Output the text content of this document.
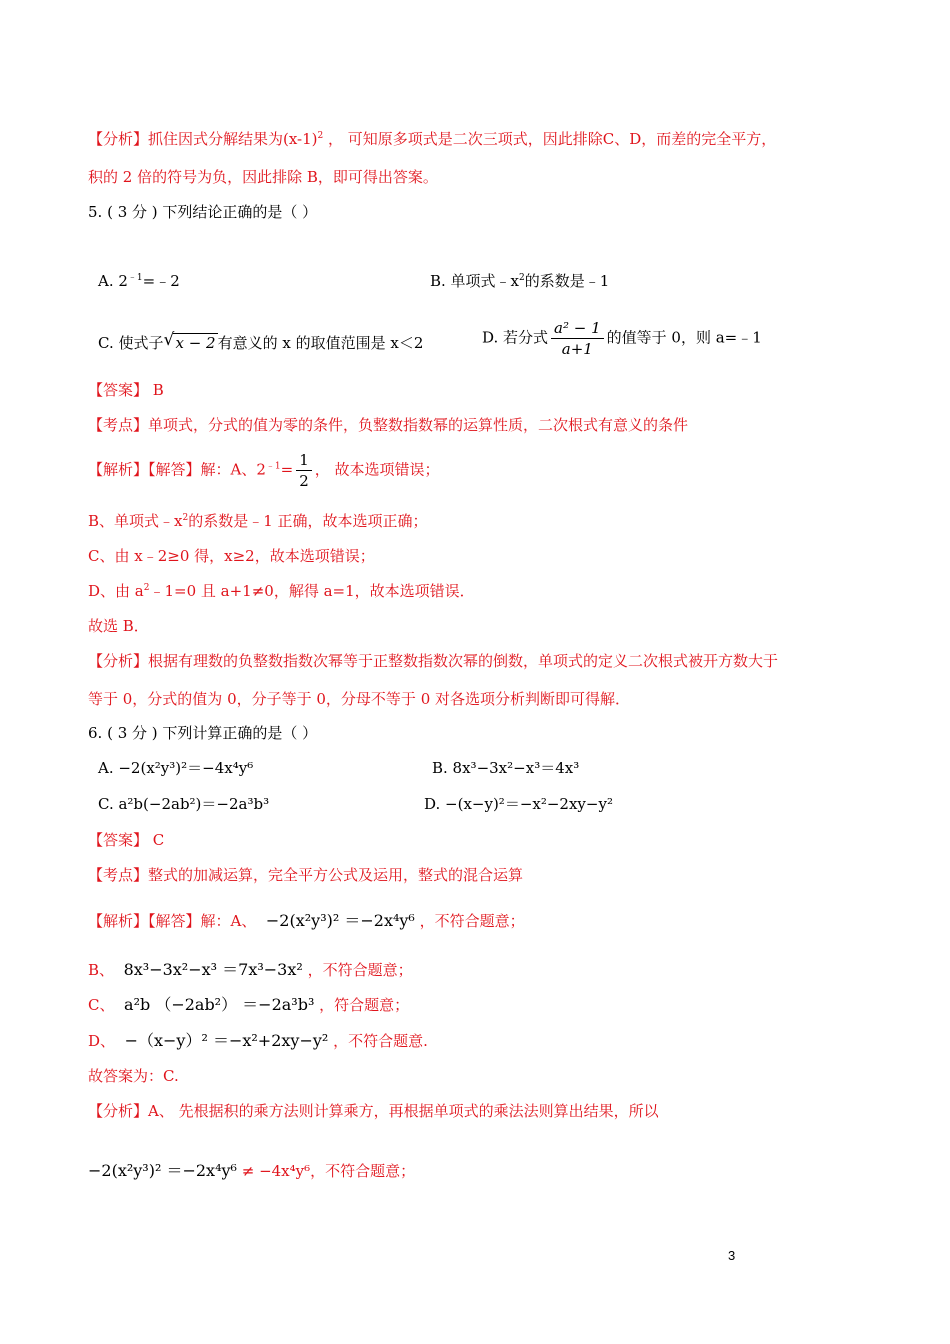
【分析】抓住因式分解结果为$(x-1)^2$ ， 可知原多项式是二次三项式，因此排除C、D，而差的完全平方，
积的 2 倍的符号为负，因此排除 B，即可得出答案。
5. ( 3 分 ) 下列结论正确的是（ ）
A. $2^{﹣1}=﹣2$	B. 单项式$﹣x^2$的系数是﹣1
C. 使式子 √ x − 2 有意义的 x 的取值范围是 x＜2	D. 若分式 $\frac{\text{a² − 1}}{a+1}$ 的值等于 0，则 a=﹣1
【答案】 B
【考点】单项式，分式的值为零的条件，负整数指数幂的运算性质，二次根式有意义的条件
【解析】【解答】解：A、$2^{﹣1}= \frac{1}{2}$ ， 故本选项错误；
B、单项式$﹣x^2$的系数是﹣1 正确，故本选项正确；
C、由 x﹣2≥0 得，x≥2，故本选项错误；
D、由 $a^2﹣1=0$ 且 a+1≠0，解得 a=1，故本选项错误．
故选 B．
【分析】根据有理数的负整数指数次幂等于正整数指数次幂的倒数，单项式的定义二次根式被开方数大于
等于 0，分式的值为 0，分子等于 0，分母不等于 0 对各选项分析判断即可得解．
6. ( 3 分 ) 下列计算正确的是（ ）
A. −2(x²y³)²＝−4x⁴y⁶	B. 8x³−3x²−x³＝4x³
C. a²b(−2ab²)＝−2a³b³	D. −(x−y)²＝−x²−2xy−y²
【答案】 C
【考点】整式的加减运算，完全平方公式及运用，整式的混合运算
【解析】【解答】解：A、 −2(x²y³)² ＝−2x⁴y⁶ ，不符合题意；
B、 8x³−3x²−x³ ＝7x³−3x² ，不符合题意；
C、 a²b （−2ab²） ＝−2a³b³ ，符合题意；
D、 −（x−y）² ＝−x²+2xy−y² ，不符合题意.
故答案为：C.
【分析】A、 先根据积的乘方法则计算乘方，再根据单项式的乘法法则算出结果，所以
−2(x²y³)² ＝−2x⁴y⁶ ≠ −4x⁴y⁶，不符合题意；
3
